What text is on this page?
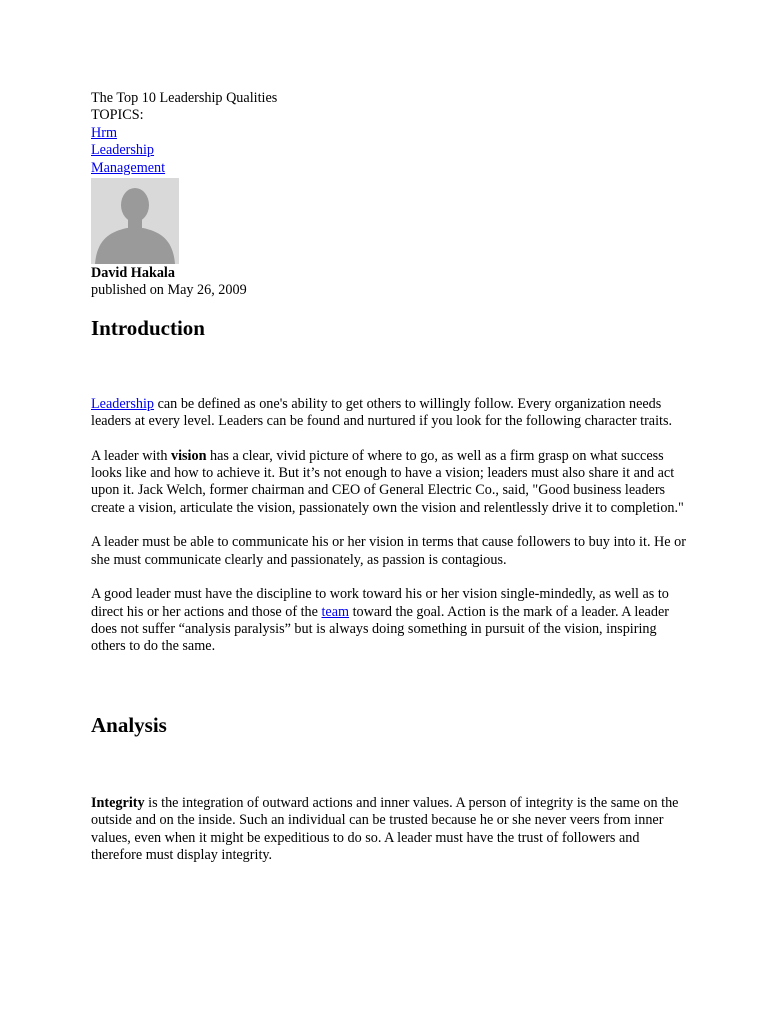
The Top 10 Leadership Qualities
TOPICS:
Hrm
Leadership
Management
David Hakala
published on May 26, 2009
Introduction

Leadership can be defined as one's ability to get others to willingly follow. Every organization needs leaders at every level. Leaders can be found and nurtured if you look for the following character traits.

A leader with vision has a clear, vivid picture of where to go, as well as a firm grasp on what success looks like and how to achieve it. But it’s not enough to have a vision; leaders must also share it and act upon it. Jack Welch, former chairman and CEO of General Electric Co., said, "Good business leaders create a vision, articulate the vision, passionately own the vision and relentlessly drive it to completion."

A leader must be able to communicate his or her vision in terms that cause followers to buy into it. He or she must communicate clearly and passionately, as passion is contagious.

A good leader must have the discipline to work toward his or her vision single-mindedly, as well as to direct his or her actions and those of the team toward the goal. Action is the mark of a leader. A leader does not suffer “analysis paralysis” but is always doing something in pursuit of the vision, inspiring others to do the same.

Analysis

Integrity is the integration of outward actions and inner values. A person of integrity is the same on the outside and on the inside. Such an individual can be trusted because he or she never veers from inner values, even when it might be expeditious to do so. A leader must have the trust of followers and therefore must display integrity.
